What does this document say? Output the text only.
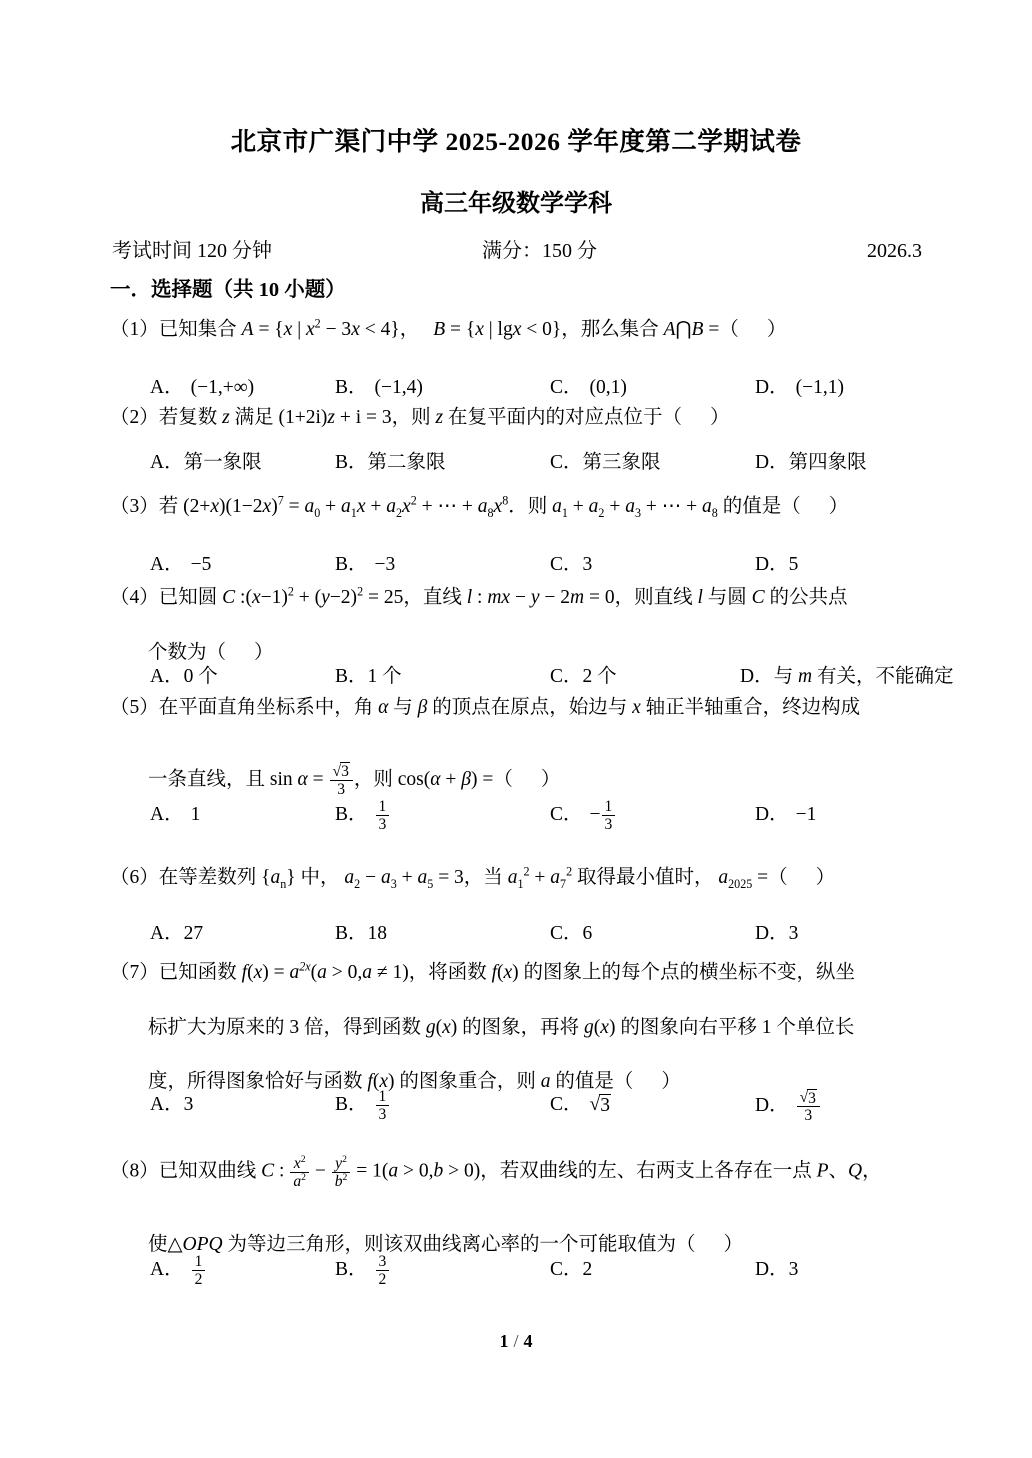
北京市广渠门中学 2025-2026 学年度第二学期试卷
高三年级数学学科
考试时间 120 分钟	满分：150 分	2026.3
一．选择题（共 10 小题）
（1）已知集合 A = {x | $x^2 - 3x < 4$}， B = {x | lgx < 0}，那么集合 A⋂B =（ ）
A． (−1,+∞)	B． (−1,4)	C． (0,1)	D． (−1,1)
（2）若复数 z 满足 (1+2i)z + i = 3，则 z 在复平面内的对应点位于（ ）
A．第一象限	B．第二象限	C．第三象限	D．第四象限
（3）若 $(2+x)(1-2x)^7 = a_0 + a_1x + a_2x^2$ + ⋯ + $a_8x^8$．则 $a_1 + a_2 + a_3$ + ⋯ + $a_8$ 的值是（ ）
A． −5	B． −3	C．3	D．5
（4）已知圆 C $:(x-1)^2 + (y-2)^2 = 25$，直线 l : mx − y − 2m = 0，则直线 l 与圆 C 的公共点
个数为（ ）
A．0 个	B．1 个	C．2 个	D．与 m 有关，不能确定
（5）在平面直角坐标系中，角 α 与 β 的顶点在原点，始边与 x 轴正半轴重合，终边构成
一条直线，且 $\sin \alpha = \frac{√3}{3}$ ，则 cos(α + β) =（ ）
A． 1	B． $\frac{1}{3}$	C． − $\frac{1}{3}$	D． −1
（6）在等差数列 $\{a_n\}$ 中， $a_2 - a_3 + a_5 = 3$，当 $a_1^2 + a_7^2$ 取得最小值时， $a_{2025}$ =（ ）
A．27	B．18	C．6	D．3
（7）已知函数 $f(x) = a^{2x}(a > 0,a \ne 1)$，将函数 f(x) 的图象上的每个点的横坐标不变，纵坐
标扩大为原来的 3 倍，得到函数 g(x) 的图象，再将 g(x) 的图象向右平移 1 个单位长
度，所得图象恰好与函数 f(x) 的图象重合，则 a 的值是（ ）
A．3	B． $\frac{1}{3}$	C． √3	D． $\frac{√3}{3}$
（8）已知双曲线 C : $\frac{x^2}{a^2} - \frac{y^2}{b^2} = 1(a > 0,b > 0)$，若双曲线的左、右两支上各存在一点 P、Q，
使△OPQ 为等边三角形，则该双曲线离心率的一个可能取值为（ ）
A． $\frac{1}{2}$	B． $\frac{3}{2}$	C．2	D．3
1 / 4
